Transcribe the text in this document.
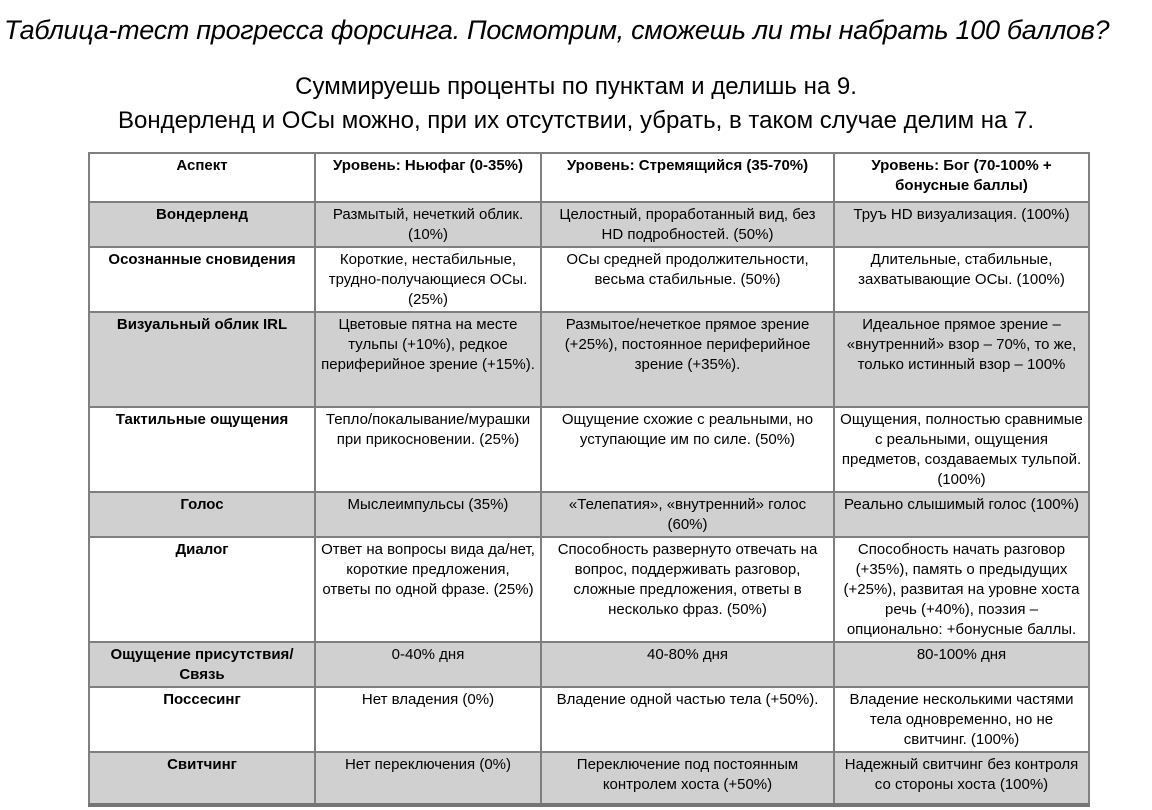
Таблица-тест прогресса форсинга. Посмотрим, сможешь ли ты набрать 100 баллов?
Суммируешь проценты по пунктам и делишь на 9.
Вондерленд и ОСы можно, при их отсутствии, убрать, в таком случае делим на 7.
Аспект	Уровень: Ньюфаг (0-35%)	Уровень: Стремящийся (35-70%)	Уровень: Бог (70-100% + бонусные баллы)
Вондерленд	Размытый, нечеткий облик. (10%)	Целостный, проработанный вид, без HD подробностей. (50%)	Труъ HD визуализация. (100%)
Осознанные сновидения	Короткие, нестабильные, трудно-получающиеся ОСы. (25%)	ОСы средней продолжительности, весьма стабильные. (50%)	Длительные, стабильные, захватывающие ОСы. (100%)
Визуальный облик IRL	Цветовые пятна на месте тульпы (+10%), редкое периферийное зрение (+15%).	Размытое/нечеткое прямое зрение (+25%), постоянное периферийное зрение (+35%).	Идеальное прямое зрение – «внутренний» взор – 70%, то же, только истинный взор – 100%
Тактильные ощущения	Тепло/покалывание/мурашки при прикосновении. (25%)	Ощущение схожие с реальными, но уступающие им по силе. (50%)	Ощущения, полностью сравнимые с реальными, ощущения предметов, создаваемых тульпой. (100%)
Голос	Мыслеимпульсы (35%)	«Телепатия», «внутренний» голос (60%)	Реально слышимый голос (100%)
Диалог	Ответ на вопросы вида да/нет, короткие предложения, ответы по одной фразе. (25%)	Способность развернуто отвечать на вопрос, поддерживать разговор, сложные предложения, ответы в несколько фраз. (50%)	Способность начать разговор (+35%), память о предыдущих (+25%), развитая на уровне хоста речь (+40%), поэзия – опционально: +бонусные баллы.
Ощущение присутствия/Связь	0-40% дня	40-80% дня	80-100% дня
Поссесинг	Нет владения (0%)	Владение одной частью тела (+50%).	Владение несколькими частями тела одновременно, но не свитчинг. (100%)
Свитчинг	Нет переключения (0%)	Переключение под постоянным контролем хоста (+50%)	Надежный свитчинг без контроля со стороны хоста (100%)
